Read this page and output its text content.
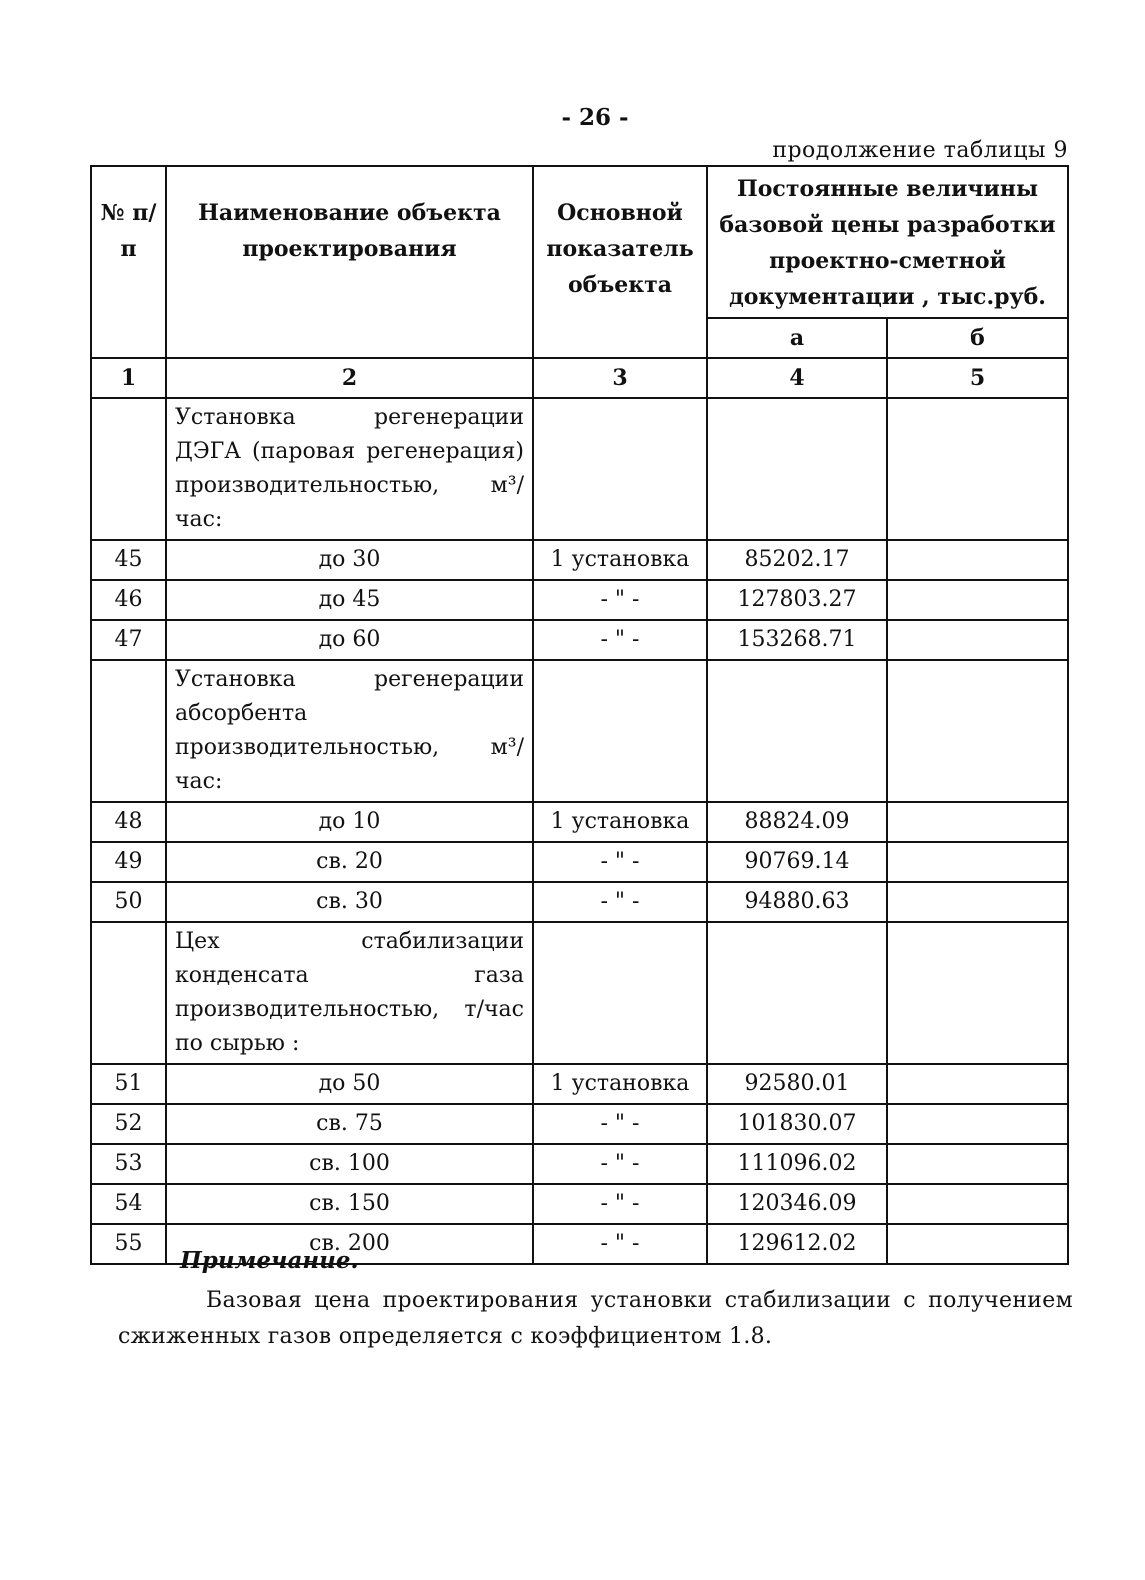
- 26 -
продолжение таблицы 9
№ п/п	Наименование объекта проектирования	Основной показатель объекта	Постоянные величины базовой цены разработки проектно-сметной документации , тыс.руб.	
			а	б
1	2	3	4	5
	Установка регенерации ДЭГА (паровая регенерация) производительностью, м³/час:			
45	до 30	1 установка	85202.17	
46	до 45	- " -	127803.27	
47	до 60	- " -	153268.71	
	Установка регенерации абсорбента производительностью, м³/час:			
48	до 10	1 установка	88824.09	
49	св. 20	- " -	90769.14	
50	св. 30	- " -	94880.63	
	Цех стабилизации конденсата газа производительностью, т/час по сырью :			
51	до 50	1 установка	92580.01	
52	св. 75	- " -	101830.07	
53	св. 100	- " -	111096.02	
54	св. 150	- " -	120346.09	
55	св. 200	- " -	129612.02	
Примечание.
Базовая цена проектирования установки стабилизации с получением сжиженных газов определяется с коэффициентом 1.8.
